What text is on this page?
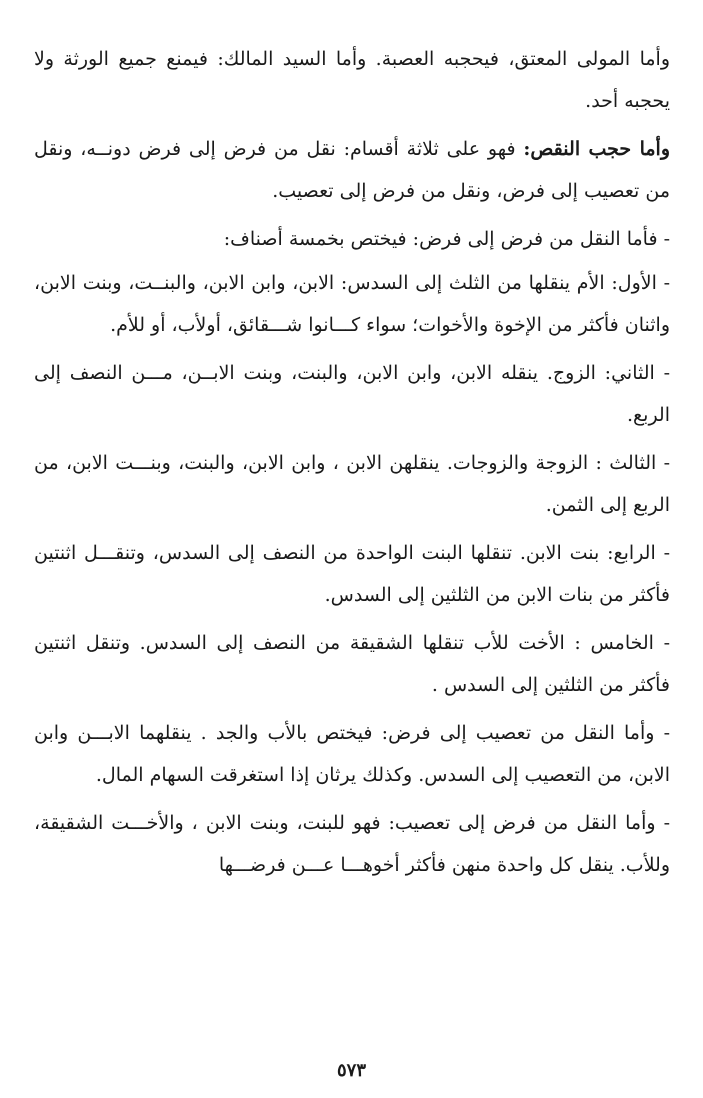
وأما المولى المعتق، فيحجبه العصبة. وأما السيد المالك: فيمنع جميع الورثة ولا يحجبه أحد.

وأما حجب النقص: فهو على ثلاثة أقسام: نقل من فرض إلى فرض دونــه، ونقل من تعصيب إلى فرض، ونقل من فرض إلى تعصيب.

- فأما النقل من فرض إلى فرض: فيختص بخمسة أصناف:

- الأول: الأم ينقلها من الثلث إلى السدس: الابن، وابن الابن، والبنــت، وبنت الابن، واثنان فأكثر من الإخوة والأخوات؛ سواء كـــانوا شـــقائق، أولأب، أو للأم.

- الثاني: الزوج. ينقله الابن، وابن الابن، والبنت، وبنت الابــن، مـــن النصف إلى الربع.

- الثالث : الزوجة والزوجات. ينقلهن الابن ، وابن الابن، والبنت، وبنـــت الابن، من الربع إلى الثمن.

- الرابع: بنت الابن. تنقلها البنت الواحدة من النصف إلى السدس، وتنقـــل اثنتين فأكثر من بنات الابن من الثلثين إلى السدس.

- الخامس : الأخت للأب تنقلها الشقيقة من النصف إلى السدس. وتنقل اثنتين فأكثر من الثلثين إلى السدس .

- وأما النقل من تعصيب إلى فرض: فيختص بالأب والجد . ينقلهما الابـــن وابن الابن، من التعصيب إلى السدس. وكذلك يرثان إذا استغرقت السهام المال.

- وأما النقل من فرض إلى تعصيب: فهو للبنت، وبنت الابن ، والأخـــت الشقيقة، وللأب. ينقل كل واحدة منهن فأكثر أخوهـــا عـــن فرضـــها

٥٧٣
